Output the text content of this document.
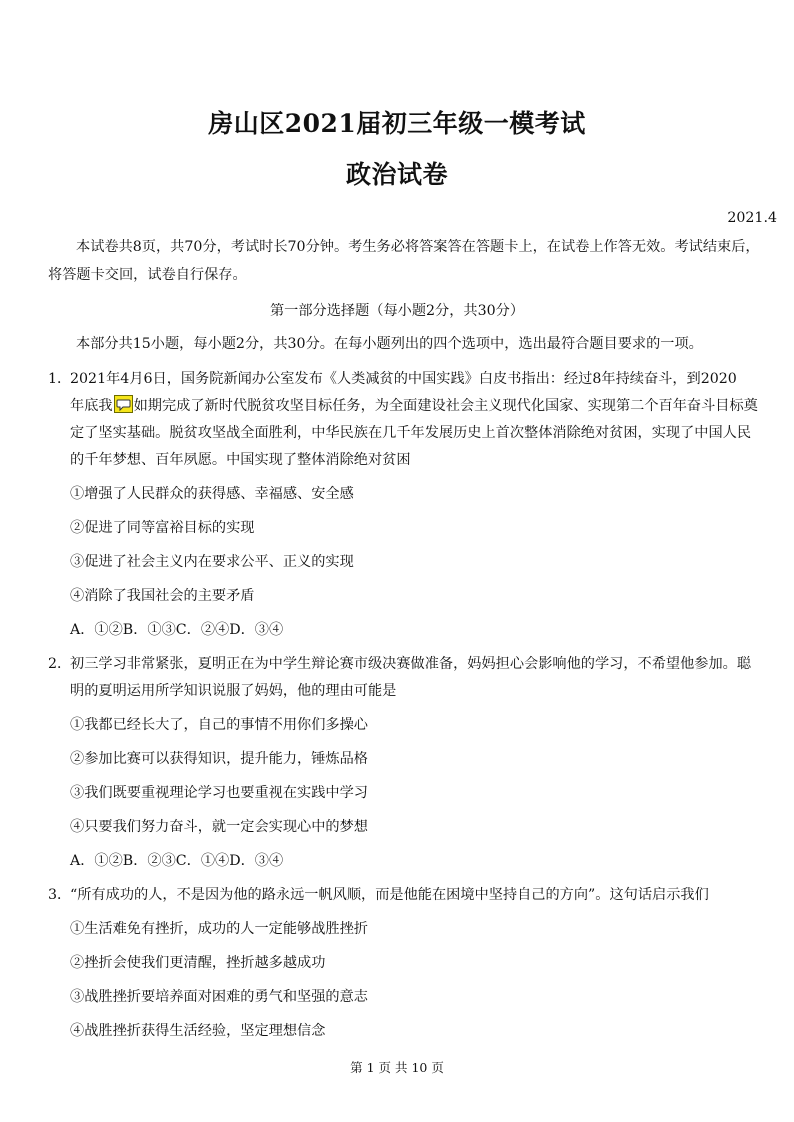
房山区2021届初三年级一模考试
政治试卷
2021.4
本试卷共8页，共70分，考试时长70分钟。考生务必将答案答在答题卡上，在试卷上作答无效。考试结束后，
将答题卡交回，试卷自行保存。
第一部分选择题（每小题2分，共30分）
本部分共15小题，每小题2分，共30分。在每小题列出的四个选项中，选出最符合题目要求的一项。
1．
2021年4月6日，国务院新闻办公室发布《人类减贫的中国实践》白皮书指出：经过8年持续奋斗，到2020
年底我 如期完成了新时代脱贫攻坚目标任务，为全面建设社会主义现代化国家、实现第二个百年奋斗目标奠
定了坚实基础。脱贫攻坚战全面胜利，中华民族在几千年发展历史上首次整体消除绝对贫困，实现了中国人民
的千年梦想、百年夙愿。中国实现了整体消除绝对贫困
①增强了人民群众的获得感、幸福感、安全感
②促进了同等富裕目标的实现
③促进了社会主义内在要求公平、正义的实现
④消除了我国社会的主要矛盾
A．①②B．①③C．②④D．③④
2．
初三学习非常紧张，夏明正在为中学生辩论赛市级决赛做准备，妈妈担心会影响他的学习，不希望他参加。聪
明的夏明运用所学知识说服了妈妈，他的理由可能是
①我都已经长大了，自己的事情不用你们多操心
②参加比赛可以获得知识，提升能力，锤炼品格
③我们既要重视理论学习也要重视在实践中学习
④只要我们努力奋斗，就一定会实现心中的梦想
A．①②B．②③C．①④D．③④
3．
“所有成功的人，不是因为他的路永远一帆风顺，而是他能在困境中坚持自己的方向”。这句话启示我们
①生活难免有挫折，成功的人一定能够战胜挫折
②挫折会使我们更清醒，挫折越多越成功
③战胜挫折要培养面对困难的勇气和坚强的意志
④战胜挫折获得生活经验，坚定理想信念
第 1 页 共 10 页
